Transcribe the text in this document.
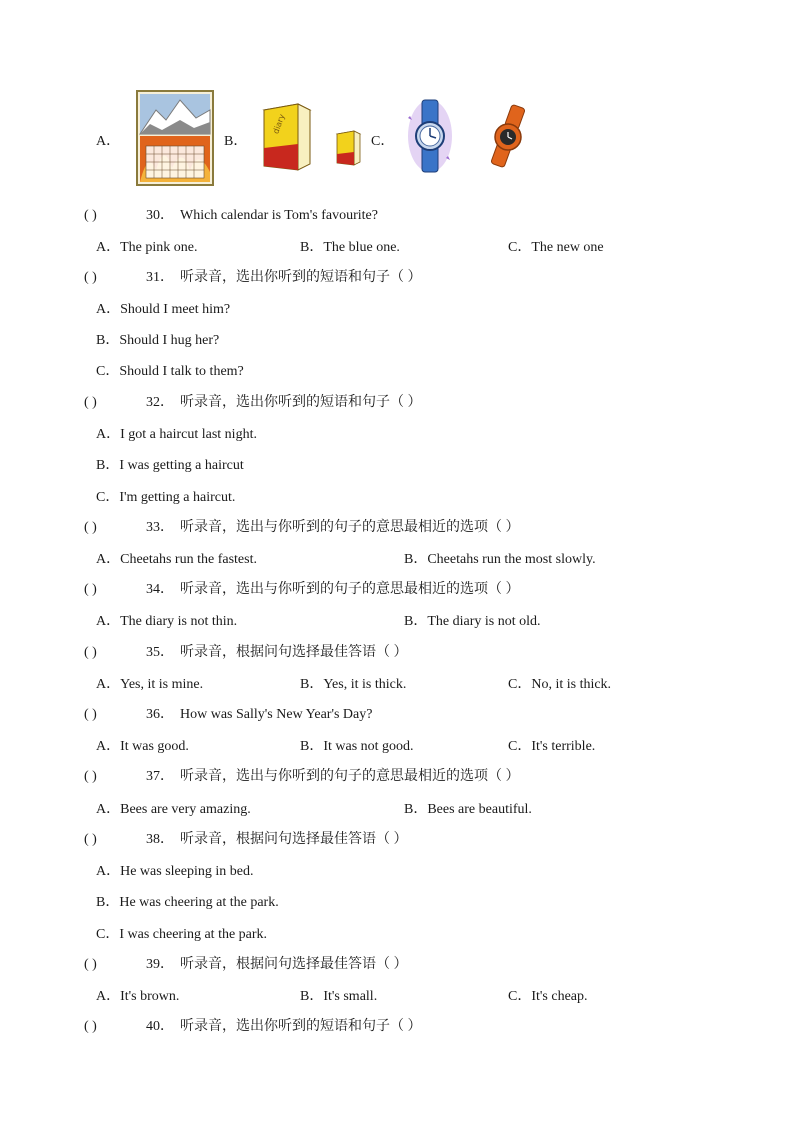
A．	B．
diary
C．
( )	30． Which calendar is Tom's favourite?
A．The pink one.	B．The blue one.	C．The new one
( )	31． 听录音，选出你听到的短语和句子（ ）
A．Should I meet him?
B．Should I hug her?
C．Should I talk to them?
( )	32． 听录音，选出你听到的短语和句子（ ）
A．I got a haircut last night.
B．I was getting a haircut
C．I'm getting a haircut.
( )	33． 听录音，选出与你听到的句子的意思最相近的选项（ ）
A．Cheetahs run the fastest.	B．Cheetahs run the most slowly.
( )	34． 听录音，选出与你听到的句子的意思最相近的选项（ ）
A．The diary is not thin.	B．The diary is not old.
( )	35． 听录音，根据问句选择最佳答语（ ）
A．Yes, it is mine.	B．Yes, it is thick.	C．No, it is thick.
( )	36． How was Sally's New Year's Day?
A．It was good.	B．It was not good.	C．It's terrible.
( )	37． 听录音，选出与你听到的句子的意思最相近的选项（ ）
A．Bees are very amazing.	B．Bees are beautiful.
( )	38． 听录音，根据问句选择最佳答语（ ）
A．He was sleeping in bed.
B．He was cheering at the park.
C．I was cheering at the park.
( )	39． 听录音，根据问句选择最佳答语（ ）
A．It's brown.	B．It's small.	C．It's cheap.
( )	40． 听录音，选出你听到的短语和句子（ ）
